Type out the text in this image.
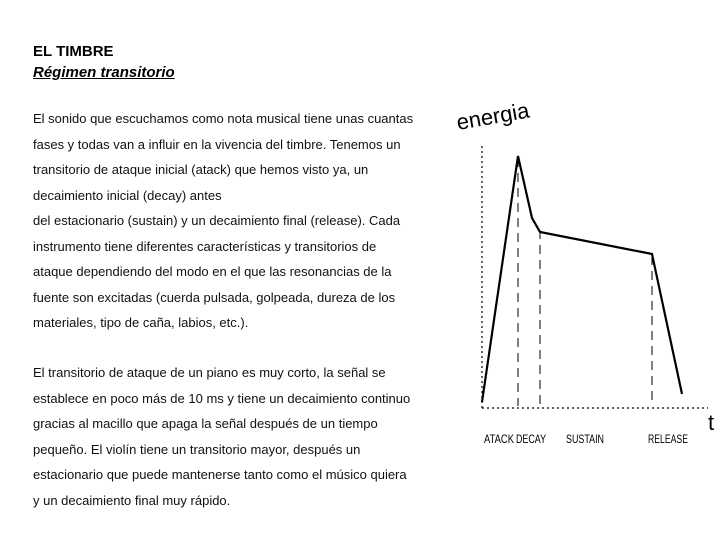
EL TIMBRE
Régimen transitorio
El sonido que escuchamos como nota musical tiene unas cuantas
fases y todas van a influir en la vivencia del timbre. Tenemos un
transitorio de ataque inicial (atack) que hemos visto ya, un
decaimiento inicial (decay) antes
del estacionario (sustain) y un decaimiento final (release). Cada
instrumento tiene diferentes características y transitorios de
ataque dependiendo del modo en el que las resonancias de la
fuente son excitadas (cuerda pulsada, golpeada, dureza de los
materiales, tipo de caña, labios, etc.).
El transitorio de ataque de un piano es muy corto, la señal se
establece en poco más de 10 ms y tiene un decaimiento continuo
gracias al macillo que apaga la señal después de un tiempo
pequeño. El violín tiene un transitorio mayor, después un
estacionario que puede mantenerse tanto como el músico quiera
y un decaimiento final muy rápido.
energia
t
ATACK DECAY SUSTAIN	RELEASE
